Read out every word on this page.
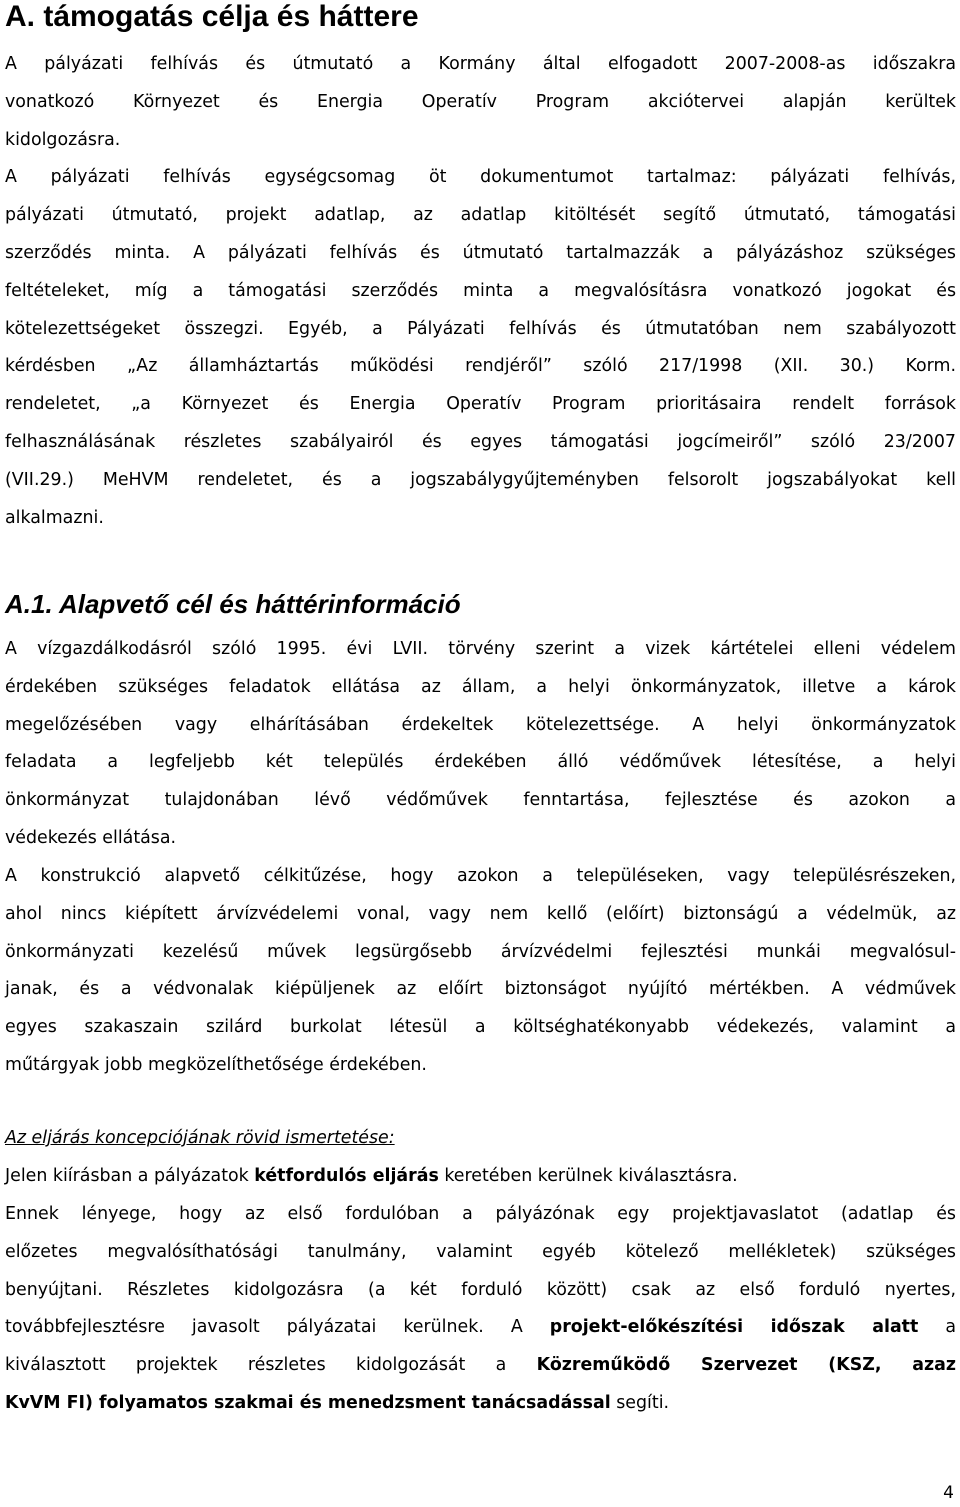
A. támogatás célja és háttere
A pályázati felhívás és útmutató a Kormány által elfogadott 2007-2008-as időszakra
vonatkozó Környezet és Energia Operatív Program akciótervei alapján kerültek
kidolgozásra.
A pályázati felhívás egységcsomag öt dokumentumot tartalmaz: pályázati felhívás,
pályázati útmutató, projekt adatlap, az adatlap kitöltését segítő útmutató, támogatási
szerződés minta. A pályázati felhívás és útmutató tartalmazzák a pályázáshoz szükséges
feltételeket, míg a támogatási szerződés minta a megvalósításra vonatkozó jogokat és
kötelezettségeket összegzi. Egyéb, a Pályázati felhívás és útmutatóban nem szabályozott
kérdésben „Az államháztartás működési rendjéről” szóló 217/1998 (XII. 30.) Korm.
rendeletet, „a Környezet és Energia Operatív Program prioritásaira rendelt források
felhasználásának részletes szabályairól és egyes támogatási jogcímeiről” szóló 23/2007
(VII.29.) MeHVM rendeletet, és a jogszabálygyűjteményben felsorolt jogszabályokat kell
alkalmazni.
A.1. Alapvető cél és háttérinformáció
A vízgazdálkodásról szóló 1995. évi LVII. törvény szerint a vizek kártételei elleni védelem
érdekében szükséges feladatok ellátása az állam, a helyi önkormányzatok, illetve a károk
megelőzésében vagy elhárításában érdekeltek kötelezettsége. A helyi önkormányzatok
feladata a legfeljebb két település érdekében álló védőművek létesítése, a helyi
önkormányzat tulajdonában lévő védőművek fenntartása, fejlesztése és azokon a
védekezés ellátása.
A konstrukció alapvető célkitűzése, hogy azokon a településeken, vagy településrészeken,
ahol nincs kiépített árvízvédelemi vonal, vagy nem kellő (előírt) biztonságú a védelmük, az
önkormányzati kezelésű művek legsürgősebb árvízvédelmi fejlesztési munkái megvalósul-
janak, és a védvonalak kiépüljenek az előírt biztonságot nyújító mértékben. A védművek
egyes szakaszain szilárd burkolat létesül a költséghatékonyabb védekezés, valamint a
műtárgyak jobb megközelíthetősége érdekében.
Az eljárás koncepciójának rövid ismertetése:
Jelen kiírásban a pályázatok kétfordulós eljárás keretében kerülnek kiválasztásra.
Ennek lényege, hogy az első fordulóban a pályázónak egy projektjavaslatot (adatlap és
előzetes megvalósíthatósági tanulmány, valamint egyéb kötelező mellékletek) szükséges
benyújtani. Részletes kidolgozásra (a két forduló között) csak az első forduló nyertes,
továbbfejlesztésre javasolt pályázatai kerülnek. A projekt-előkészítési időszak alatt a
kiválasztott projektek részletes kidolgozását a Közreműködő Szervezet (KSZ, azaz
KvVM FI) folyamatos szakmai és menedzsment tanácsadással segíti.
4
